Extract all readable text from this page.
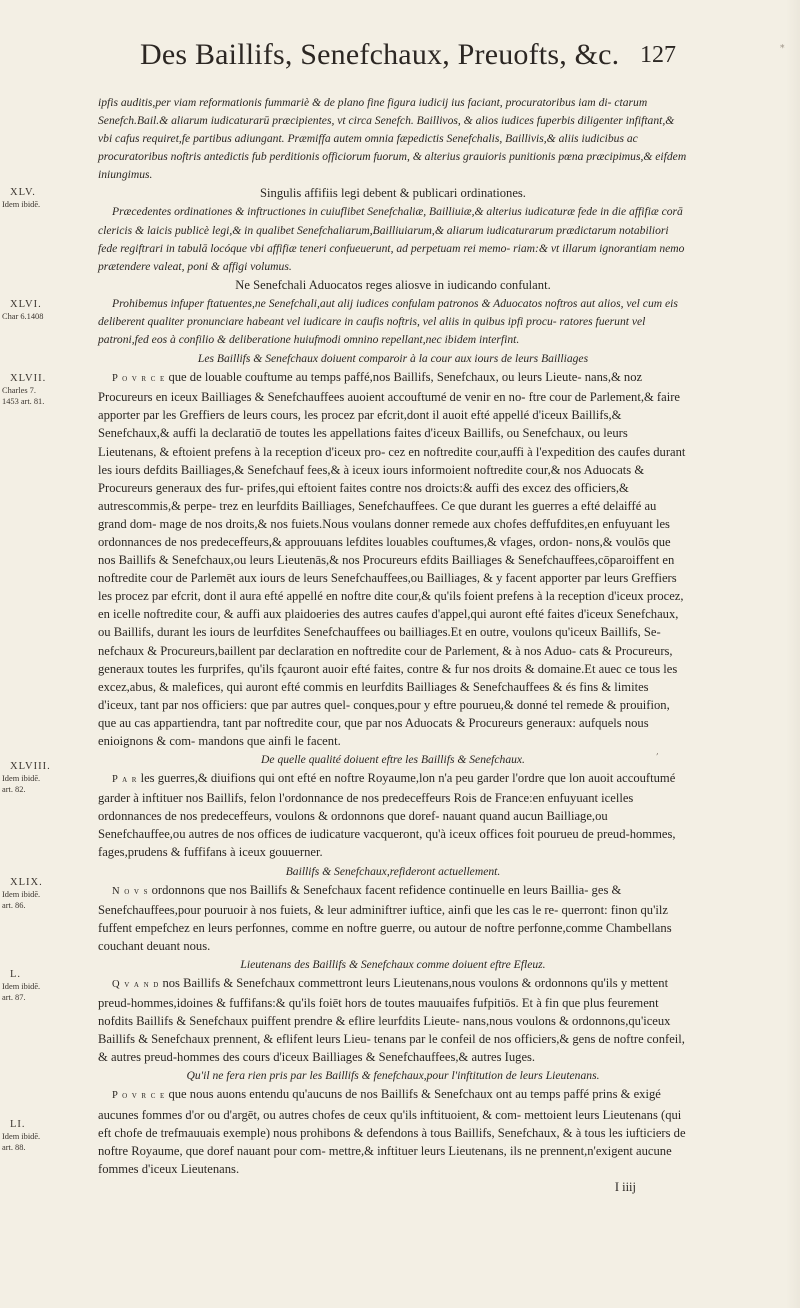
Des Baillifs, Senefchaux, Preuofts, &c. 127	*
XLV.
Idem ibidē.
XLVI.
Char 6.1408
XLVII.
Charles 7.
1453 art. 81.
XLVIII.
Idem ibidē.
art. 82.
XLIX.
Idem ibidē.
art. 86.
L.
Idem ibidē.
art. 87.
LI.
Idem ibidē.
art. 88.
,

ipfis auditis,per viam reformationis fummariè & de plano fine figura iudicij ius faciant, procuratoribus iam di- ctarum Senefch.Bail.& aliarum iudicaturarū præcipientes, vt circa Senefch. Baillivos, & alios iudices fuperbis diligenter infiftant,& vbi cafus requiret,fe partibus adiungant. Præmiffa autem omnia fæpedictis Senefchalis, Baillivis,& aliis iudicibus ac procuratoribus noftris antedictis fub perditionis officiorum fuorum, & alterius grauioris punitionis pœna præcipimus,& eifdem iniungimus.

Singulis affifiis legi debent & publicari ordinationes.

Præcedentes ordinationes & inftructiones in cuiuflibet Senefchaliæ, Bailliuiæ,& alterius iudicaturæ fede in die affifiæ corā clericis & laicis publicè legi,& in qualibet Senefchaliarum,Bailliuiarum,& aliarum iudicaturarum prædictarum notabiliori fede regiftrari in tabulā locóque vbi affifiæ teneri confueuerunt, ad perpetuam rei memo- riam:& vt illarum ignorantiam nemo prætendere valeat, poni & affigi volumus.

Ne Senefchali Aduocatos reges aliosve in iudicando confulant.

Prohibemus infuper ftatuentes,ne Senefchali,aut alij iudices confulam patronos & Aduocatos noftros aut alios, vel cum eis deliberent qualiter pronunciare habeant vel iudicare in caufis noftris, vel aliis in quibus ipfi procu- ratores fuerunt vel patroni,fed eos à confilio & deliberatione huiufmodi omnino repellant,nec ibidem interfint.

Les Baillifs & Senefchaux doiuent comparoir à la cour aux iours de leurs Bailliages

P o v r c e que de louable couftume au temps paffé,nos Baillifs, Senefchaux, ou leurs Lieute- nans,& noz Procureurs en iceux Bailliages & Senefchauffees auoient accouftumé de venir en no- ftre cour de Parlement,& faire apporter par les Greffiers de leurs cours, les procez par efcrit,dont il auoit efté appellé d'iceux Baillifs,& Senefchaux,& auffi la declaratiō de toutes les appellations faites d'iceux Baillifs, ou Senefchaux, ou leurs Lieutenans, & eftoient prefens à la reception d'iceux pro- cez en noftredite cour,auffi à l'expedition des caufes durant les iours defdits Bailliages,& Senefchauf fees,& à iceux iours informoient noftredite cour,& nos Aduocats & Procureurs generaux des fur- prifes,qui eftoient faites contre nos droicts:& auffi des excez des officiers,& autrescommis,& perpe- trez en leurfdits Bailliages, Senefchauffees. Ce que durant les guerres a efté delaiffé au grand dom- mage de nos droits,& nos fuiets.Nous voulans donner remede aux chofes deffufdites,en enfuyuant les ordonnances de nos predeceffeurs,& approuuans lefdites louables couftumes,& vfages, ordon- nons,& voulōs que nos Baillifs & Senefchaux,ou leurs Lieutenās,& nos Procureurs efdits Bailliages & Senefchauffees,cōparoiffent en noftredite cour de Parlemēt aux iours de leurs Senefchauffees,ou Bailliages, & y facent apporter par leurs Greffiers les procez par efcrit, dont il aura efté appellé en noftre dite cour,& qu'ils foient prefens à la reception d'iceux procez, en icelle noftredite cour, & auffi aux plaidoeries des autres caufes d'appel,qui auront efté faites d'iceux Senefchaux, ou Baillifs, durant les iours de leurfdites Senefchauffees ou bailliages.Et en outre, voulons qu'iceux Baillifs, Se- nefchaux & Procureurs,baillent par declaration en noftredite cour de Parlement, & à nos Aduo- cats & Procureurs, generaux toutes les furprifes, qu'ils fçauront auoir efté faites, contre & fur nos droits & domaine.Et auec ce tous les excez,abus, & malefices, qui auront efté commis en leurfdits Bailliages & Senefchauffees & és fins & limites d'iceux, tant par nos officiers: que par autres quel- conques,pour y eftre pourueu,& donné tel remede & prouifion, que au cas appartiendra, tant par noftredite cour, que par nos Aduocats & Procureurs generaux: aufquels nous enioignons & com- mandons que ainfi le facent.

De quelle qualité doiuent eftre les Baillifs & Senefchaux.

P a r les guerres,& diuifions qui ont efté en noftre Royaume,lon n'a peu garder l'ordre que lon auoit accouftumé garder à inftituer nos Baillifs, felon l'ordonnance de nos predeceffeurs Rois de France:en enfuyuant icelles ordonnances de nos predeceffeurs, voulons & ordonnons que doref- nauant quand aucun Bailliage,ou Senefchauffee,ou autres de nos offices de iudicature vacqueront, qu'à iceux offices foit pourueu de preud-hommes, fages,prudens & fuffifans à iceux gouuerner.

Baillifs & Senefchaux,refideront actuellement.

N o v s ordonnons que nos Baillifs & Senefchaux facent refidence continuelle en leurs Baillia- ges & Senefchauffees,pour pouruoir à nos fuiets, & leur adminiftrer iuftice, ainfi que les cas le re- querront: finon qu'ilz fuffent empefchez en leurs perfonnes, comme en noftre guerre, ou autour de noftre perfonne,comme Chambellans couchant deuant nous.

Lieutenans des Baillifs & Senefchaux comme doiuent eftre Efleuz.

Q v a n d nos Baillifs & Senefchaux commettront leurs Lieutenans,nous voulons & ordonnons qu'ils y mettent preud-hommes,idoines & fuffifans:& qu'ils foiēt hors de toutes mauuaifes fufpitiōs. Et à fin que plus feurement nofdits Baillifs & Senefchaux puiffent prendre & eflire leurfdits Lieute- nans,nous voulons & ordonnons,qu'iceux Baillifs & Senefchaux prennent, & eflifent leurs Lieu- tenans par le confeil de nos officiers,& gens de noftre confeil, & autres preud-hommes des cours d'iceux Bailliages & Senefchauffees,& autres Iuges.

Qu'il ne fera rien pris par les Baillifs & fenefchaux,pour l'inftitution de leurs Lieutenans.

P o v r c e que nous auons entendu qu'aucuns de nos Baillifs & Senefchaux ont au temps paffé prins & exigé aucunes fommes d'or ou d'argēt, ou autres chofes de ceux qu'ils inftituoient, & com- mettoient leurs Lieutenans (qui eft chofe de trefmauuais exemple) nous prohibons & defendons à tous Baillifs, Senefchaux, & à tous les iufticiers de noftre Royaume, que doref nauant pour com- mettre,& inftituer leurs Lieutenans, ils ne prennent,n'exigent aucune fommes d'iceux Lieutenans.

I iiij
